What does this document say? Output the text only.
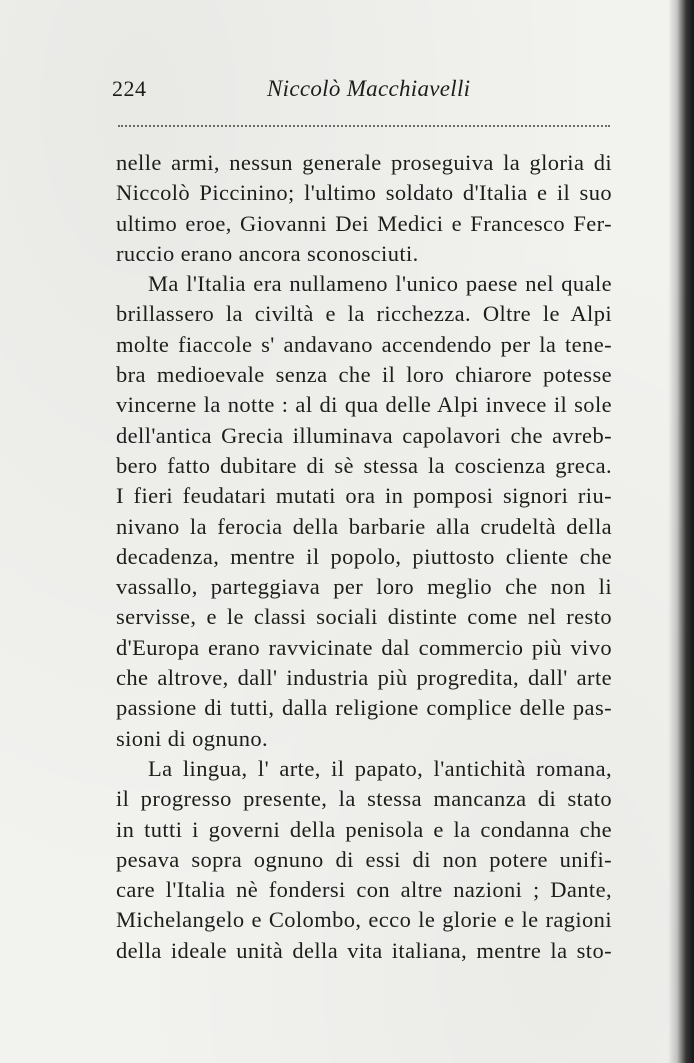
224	Niccolò Macchiavelli
nelle armi, nessun generale proseguiva la gloria di
Niccolò Piccinino; l'ultimo soldato d'Italia e il suo
ultimo eroe, Giovanni Dei Medici e Francesco Fer-
ruccio erano ancora sconosciuti.
Ma l'Italia era nullameno l'unico paese nel quale
brillassero la civiltà e la ricchezza. Oltre le Alpi
molte fiaccole s' andavano accendendo per la tene-
bra medioevale senza che il loro chiarore potesse
vincerne la notte : al di qua delle Alpi invece il sole
dell'antica Grecia illuminava capolavori che avreb-
bero fatto dubitare di sè stessa la coscienza greca.
I fieri feudatari mutati ora in pomposi signori riu-
nivano la ferocia della barbarie alla crudeltà della
decadenza, mentre il popolo, piuttosto cliente che
vassallo, parteggiava per loro meglio che non li
servisse, e le classi sociali distinte come nel resto
d'Europa erano ravvicinate dal commercio più vivo
che altrove, dall' industria più progredita, dall' arte
passione di tutti, dalla religione complice delle pas-
sioni di ognuno.
La lingua, l' arte, il papato, l'antichità romana,
il progresso presente, la stessa mancanza di stato
in tutti i governi della penisola e la condanna che
pesava sopra ognuno di essi di non potere unifi-
care l'Italia nè fondersi con altre nazioni ; Dante,
Michelangelo e Colombo, ecco le glorie e le ragioni
della ideale unità della vita italiana, mentre la sto-
